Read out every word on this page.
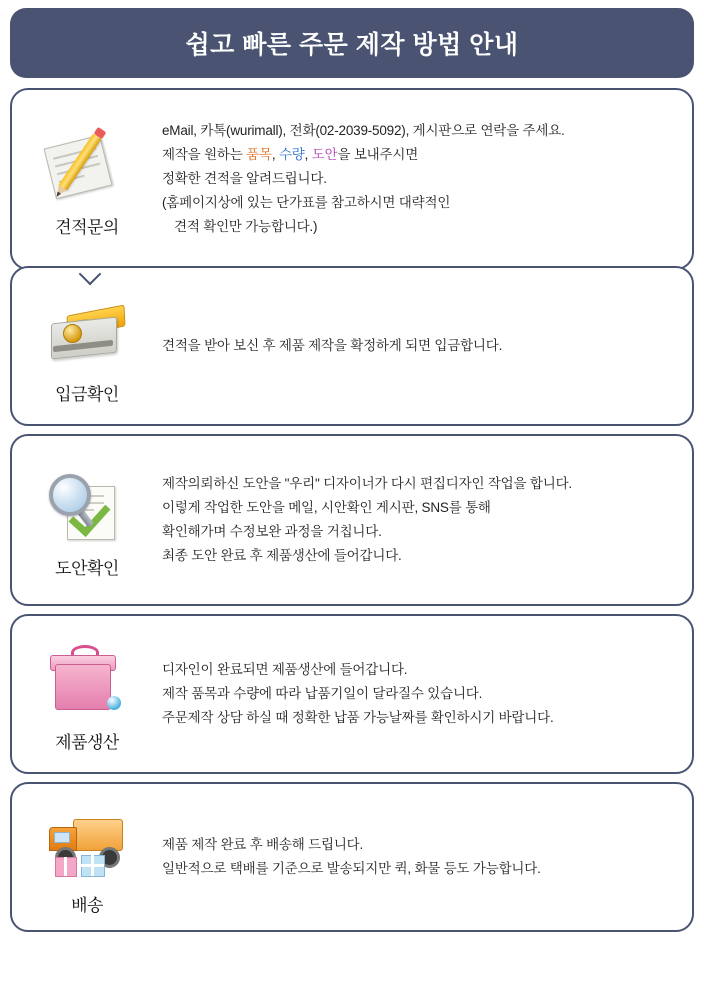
쉽고 빠른 주문 제작 방법 안내
견적문의
eMail, 카톡(wurimall), 전화(02-2039-5092), 게시판으로 연락을 주세요.
제작을 원하는 품목, 수량, 도안을 보내주시면
정확한 견적을 알려드립니다.
(홈페이지상에 있는 단가표를 참고하시면 대략적인
견적 확인만 가능합니다.)
입금확인
견적을 받아 보신 후 제품 제작을 확정하게 되면 입금합니다.
도안확인
제작의뢰하신 도안을 "우리" 디자이너가 다시 편집디자인 작업을 합니다.
이렇게 작업한 도안을 메일, 시안확인 게시판, SNS를 통해
확인해가며 수정보완 과정을 거칩니다.
최종 도안 완료 후 제품생산에 들어갑니다.
제품생산
디자인이 완료되면 제품생산에 들어갑니다.
제작 품목과 수량에 따라 납품기일이 달라질수 있습니다.
주문제작 상담 하실 때 정확한 납품 가능날짜를 확인하시기 바랍니다.
배송
제품 제작 완료 후 배송해 드립니다.
일반적으로 택배를 기준으로 발송되지만 퀵, 화물 등도 가능합니다.
